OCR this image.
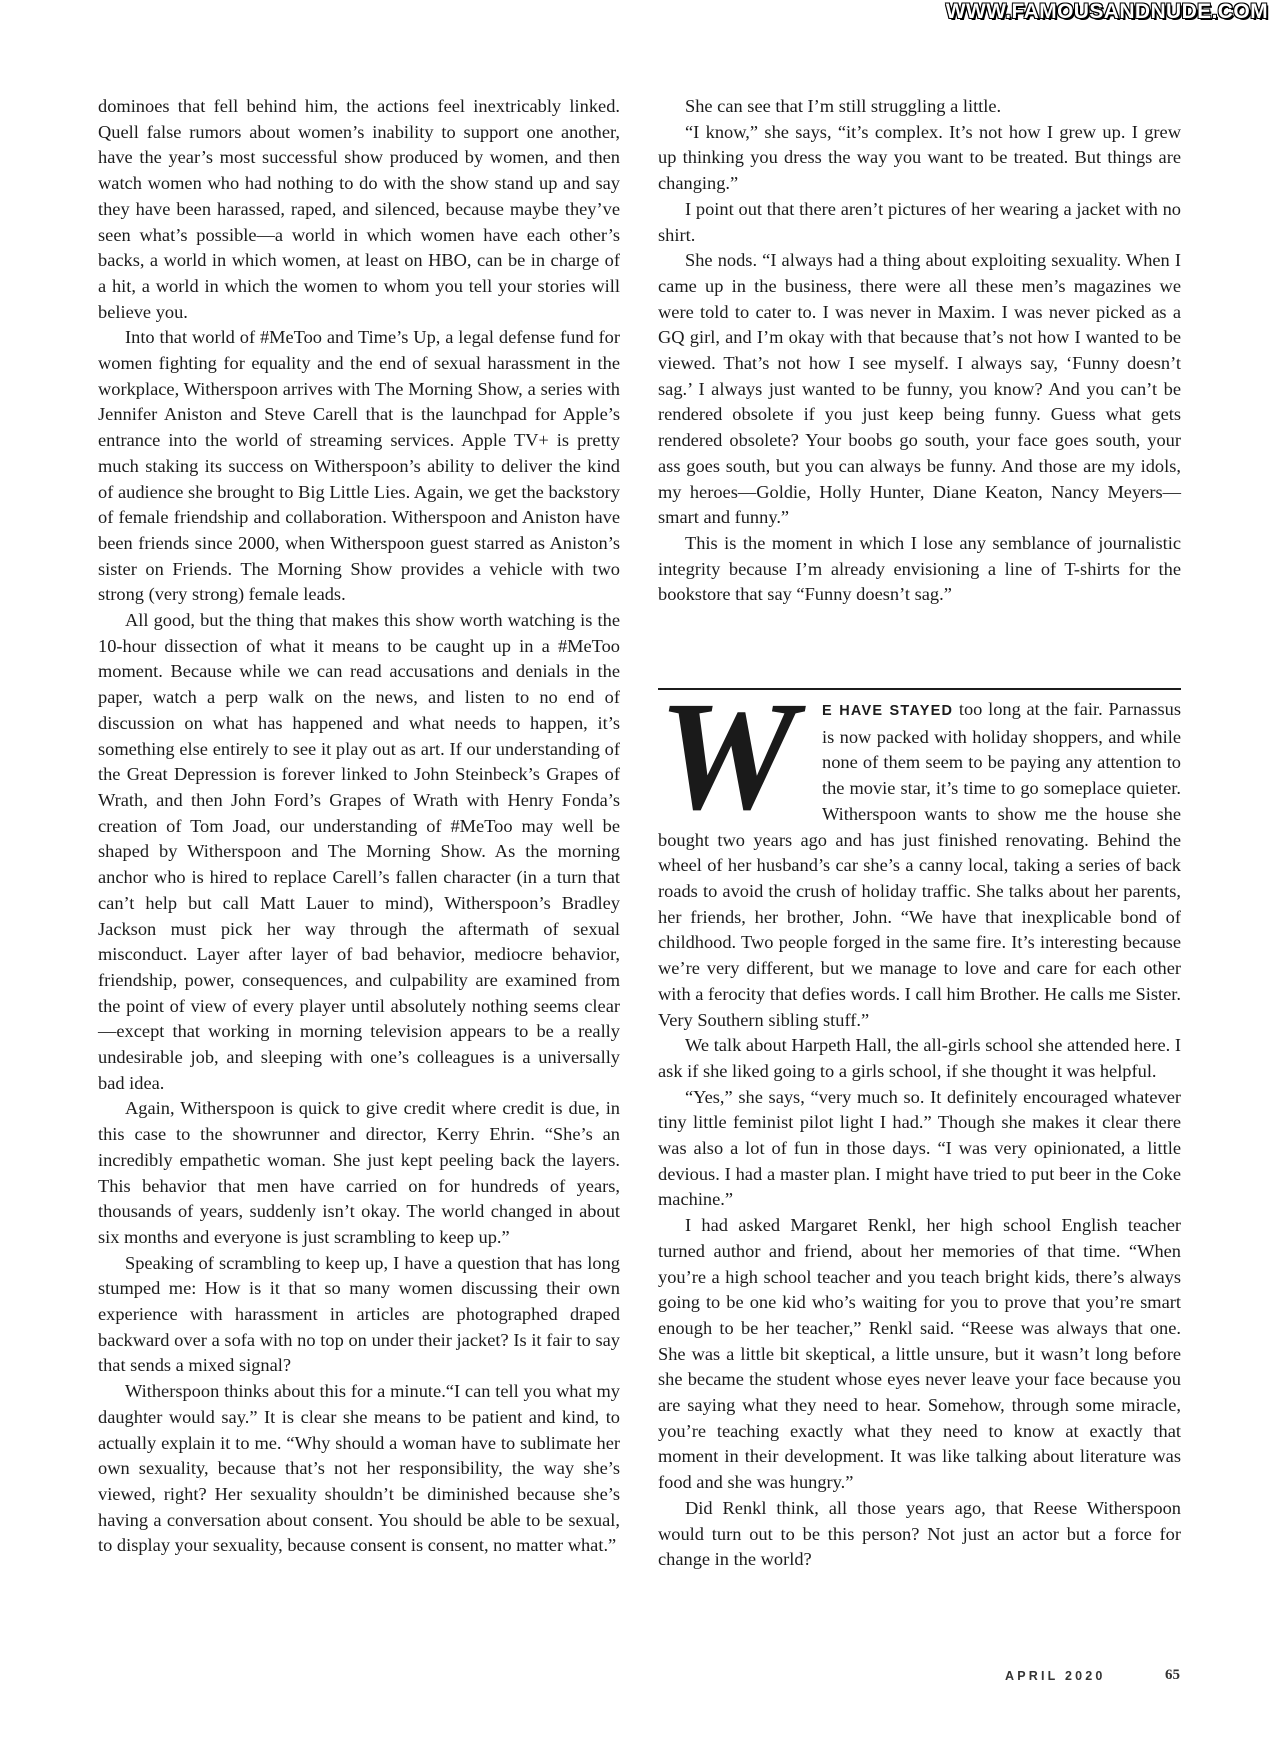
WWW.FAMOUSANDNUDE.COM

dominoes that fell behind him, the actions feel inextricably linked. Quell false rumors about women’s inability to support one another, have the year’s most successful show produced by women, and then watch women who had nothing to do with the show stand up and say they have been harassed, raped, and silenced, because maybe they’ve seen what’s possible—a world in which women have each other’s backs, a world in which women, at least on HBO, can be in charge of a hit, a world in which the women to whom you tell your stories will believe you.

Into that world of #MeToo and Time’s Up, a legal defense fund for women fighting for equality and the end of sexual harassment in the workplace, Witherspoon arrives with The Morning Show, a series with Jennifer Aniston and Steve Carell that is the launchpad for Apple’s entrance into the world of streaming services. Apple TV+ is pretty much staking its success on Witherspoon’s ability to deliver the kind of audience she brought to Big Little Lies. Again, we get the backstory of female friendship and collaboration. Witherspoon and Aniston have been friends since 2000, when Witherspoon guest starred as Aniston’s sister on Friends. The Morning Show provides a vehicle with two strong (very strong) female leads.

All good, but the thing that makes this show worth watching is the 10-hour dissection of what it means to be caught up in a #MeToo moment. Because while we can read accusations and denials in the paper, watch a perp walk on the news, and listen to no end of discussion on what has happened and what needs to happen, it’s something else entirely to see it play out as art. If our understanding of the Great Depression is forever linked to John Steinbeck’s Grapes of Wrath, and then John Ford’s Grapes of Wrath with Henry Fonda’s creation of Tom Joad, our understanding of #MeToo may well be shaped by Witherspoon and The Morning Show. As the morning anchor who is hired to replace Carell’s fallen character (in a turn that can’t help but call Matt Lauer to mind), Witherspoon’s Bradley Jackson must pick her way through the aftermath of sexual misconduct. Layer after layer of bad behavior, mediocre behavior, friendship, power, consequences, and culpability are examined from the point of view of every player until absolutely nothing seems clear—except that working in morning television appears to be a really undesirable job, and sleeping with one’s colleagues is a universally bad idea.

Again, Witherspoon is quick to give credit where credit is due, in this case to the showrunner and director, Kerry Ehrin. “She’s an incredibly empathetic woman. She just kept peeling back the layers. This behavior that men have carried on for hundreds of years, thousands of years, suddenly isn’t okay. The world changed in about six months and everyone is just scrambling to keep up.”

Speaking of scrambling to keep up, I have a question that has long stumped me: How is it that so many women discussing their own experience with harassment in articles are photographed draped backward over a sofa with no top on under their jacket? Is it fair to say that sends a mixed signal?

Witherspoon thinks about this for a minute.“I can tell you what my daughter would say.” It is clear she means to be patient and kind, to actually explain it to me. “Why should a woman have to sublimate her own sexuality, because that’s not her responsibility, the way she’s viewed, right? Her sexuality shouldn’t be diminished because she’s having a conversation about consent. You should be able to be sexual, to display your sexuality, because consent is consent, no matter what.”

She can see that I’m still struggling a little.

“I know,” she says, “it’s complex. It’s not how I grew up. I grew up thinking you dress the way you want to be treated. But things are changing.”

I point out that there aren’t pictures of her wearing a jacket with no shirt.

She nods. “I always had a thing about exploiting sexuality. When I came up in the business, there were all these men’s magazines we were told to cater to. I was never in Maxim. I was never picked as a GQ girl, and I’m okay with that because that’s not how I wanted to be viewed. That’s not how I see myself. I always say, ‘Funny doesn’t sag.’ I always just wanted to be funny, you know? And you can’t be rendered obsolete if you just keep being funny. Guess what gets rendered obsolete? Your boobs go south, your face goes south, your ass goes south, but you can always be funny. And those are my idols, my heroes—Goldie, Holly Hunter, Diane Keaton, Nancy Meyers—smart and funny.”

This is the moment in which I lose any semblance of journalistic integrity because I’m already envisioning a line of T-shirts for the bookstore that say “Funny doesn’t sag.”

W	E HAVE STAYED too long at the fair. Parnassus is now packed with holiday shoppers, and while none of them seem to be paying any attention to the movie star, it’s time to go someplace quieter. Witherspoon wants to show me the house she bought two years ago and has just finished renovating. Behind the wheel of her husband’s car she’s a canny local, taking a series of back roads to avoid the crush of holiday traffic. She talks about her parents, her friends, her brother, John. “We have that inexplicable bond of childhood. Two people forged in the same fire. It’s interesting because we’re very different, but we manage to love and care for each other with a ferocity that defies words. I call him Brother. He calls me Sister. Very Southern sibling stuff.”

We talk about Harpeth Hall, the all-girls school she attended here. I ask if she liked going to a girls school, if she thought it was helpful.

“Yes,” she says, “very much so. It definitely encouraged whatever tiny little feminist pilot light I had.” Though she makes it clear there was also a lot of fun in those days. “I was very opinionated, a little devious. I had a master plan. I might have tried to put beer in the Coke machine.”

I had asked Margaret Renkl, her high school English teacher turned author and friend, about her memories of that time. “When you’re a high school teacher and you teach bright kids, there’s always going to be one kid who’s waiting for you to prove that you’re smart enough to be her teacher,” Renkl said. “Reese was always that one. She was a little bit skeptical, a little unsure, but it wasn’t long before she became the student whose eyes never leave your face because you are saying what they need to hear. Somehow, through some miracle, you’re teaching exactly what they need to know at exactly that moment in their development. It was like talking about literature was food and she was hungry.”

Did Renkl think, all those years ago, that Reese Witherspoon would turn out to be this person? Not just an actor but a force for change in the world?

APRIL 2020	65
